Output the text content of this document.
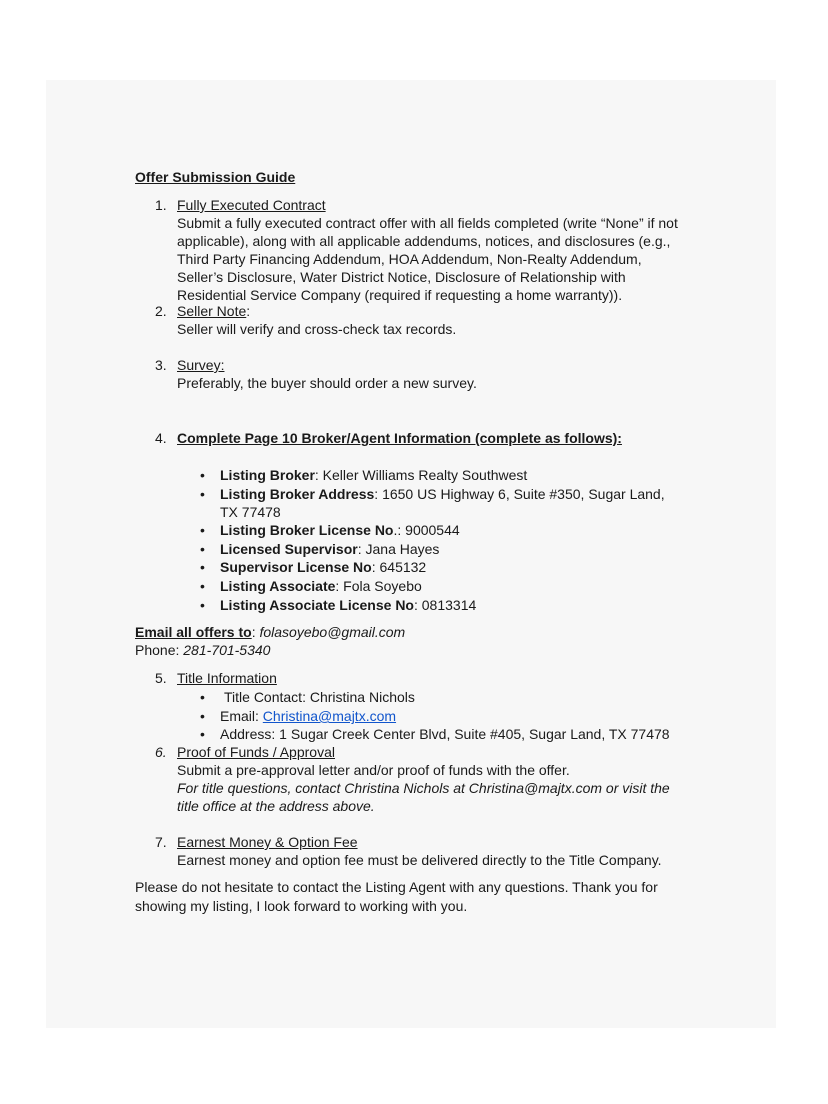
Offer Submission Guide
1. Fully Executed Contract
Submit a fully executed contract offer with all fields completed (write “None” if not
applicable), along with all applicable addendums, notices, and disclosures (e.g.,
Third Party Financing Addendum, HOA Addendum, Non-Realty Addendum,
Seller’s Disclosure, Water District Notice, Disclosure of Relationship with
Residential Service Company (required if requesting a home warranty)).
2. Seller Note:
Seller will verify and cross-check tax records.
3. Survey:
Preferably, the buyer should order a new survey.
4. Complete Page 10 Broker/Agent Information (complete as follows):
• Listing Broker: Keller Williams Realty Southwest
• Listing Broker Address: 1650 US Highway 6, Suite #350, Sugar Land,
TX 77478
• Listing Broker License No.: 9000544
• Licensed Supervisor: Jana Hayes
• Supervisor License No: 645132
• Listing Associate: Fola Soyebo
• Listing Associate License No: 0813314
Email all offers to: folasoyebo@gmail.com
Phone: 281-701-5340
5. Title Information
• Title Contact: Christina Nichols
• Email: Christina@majtx.com
• Address: 1 Sugar Creek Center Blvd, Suite #405, Sugar Land, TX 77478
6. Proof of Funds / Approval
Submit a pre-approval letter and/or proof of funds with the offer.
For title questions, contact Christina Nichols at Christina@majtx.com or visit the
title office at the address above.
7. Earnest Money & Option Fee
Earnest money and option fee must be delivered directly to the Title Company.
Please do not hesitate to contact the Listing Agent with any questions. Thank you for
showing my listing, I look forward to working with you.
